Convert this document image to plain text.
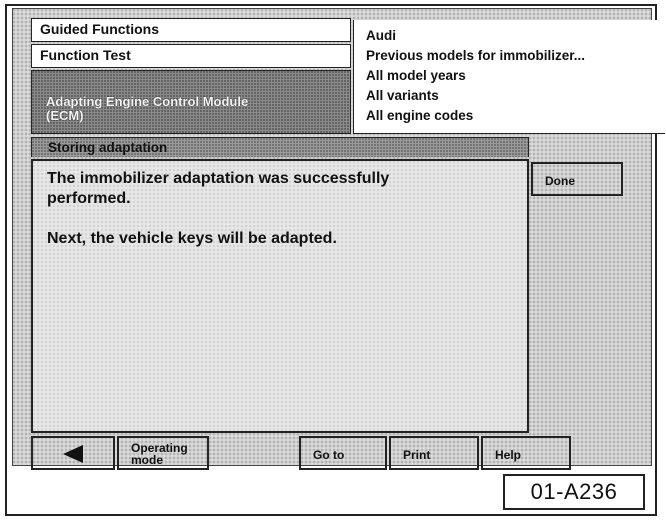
Guided Functions
Function Test
Adapting Engine Control Module
(ECM)
Audi
Previous models for immobilizer...
All model years
All variants
All engine codes
Storing adaptation

The immobilizer adaptation was successfully
performed.

Next, the vehicle keys will be adapted.

Done
Operating
mode	Go to	Print	Help
01-A236
